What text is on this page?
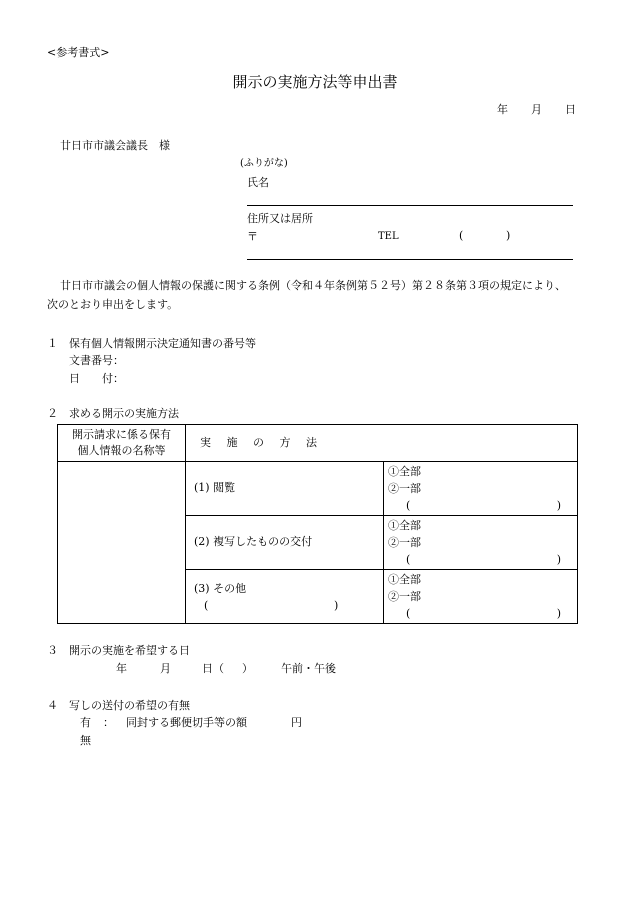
<参考書式>
開示の実施方法等申出書
年 月 日
廿日市市議会議長　様
(ふりがな)
氏名
住所又は居所
〒	TEL	(	)
廿日市市議会の個人情報の保護に関する条例（令和４年条例第５２号）第２８条第３項の規定により、
次のとおり申出をします。
１　保有個人情報開示決定通知書の番号等
文書番号：
日　　付：
２　求める開示の実施方法
開示請求に係る保有
個人情報の名称等	実 施 の 方 法	
	(1) 閲覧	①全部
②一部
( )

	(2) 複写したものの交付	①全部
②一部
( )

	(3) その他
( )	①全部
②一部
( )
３　開示の実施を希望する日
年	月	日（ ）	午前・午後
４　写しの送付の希望の有無
有 ： 同封する郵便切手等の額	円
無
